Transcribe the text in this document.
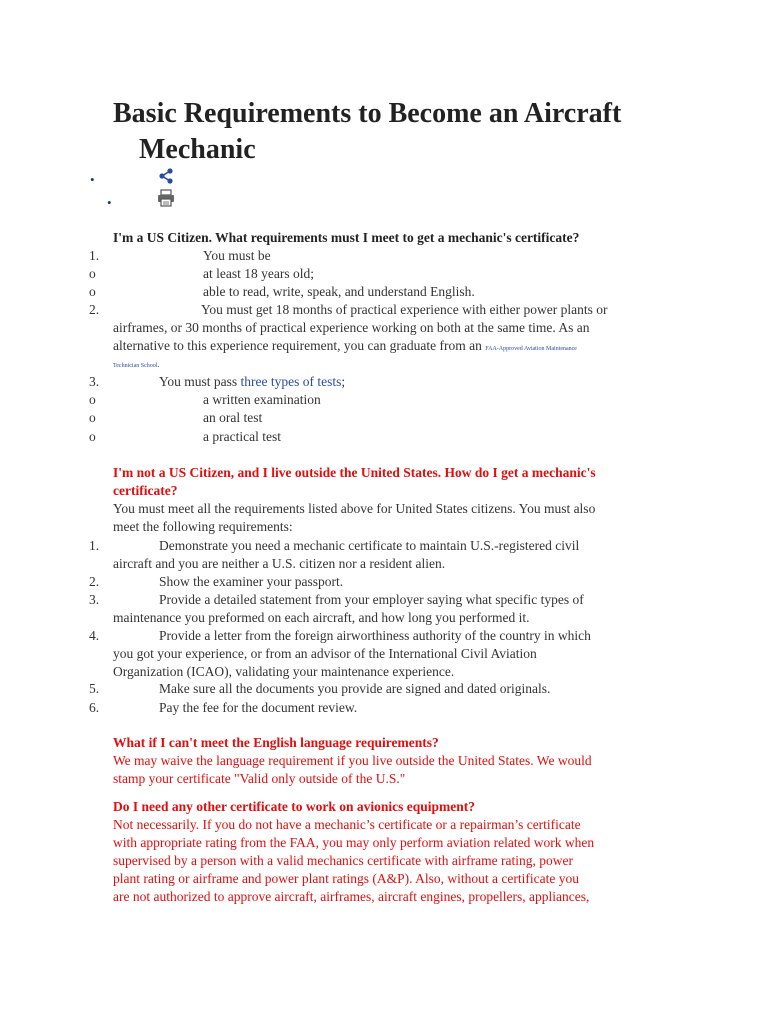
Basic Requirements to Become an Aircraft
Mechanic
•
•
I'm a US Citizen. What requirements must I meet to get a mechanic's certificate?
1.	You must be
o	at least 18 years old;
o	able to read, write, speak, and understand English.
2.	You must get 18 months of practical experience with either power plants or
airframes, or 30 months of practical experience working on both at the same time. As an
alternative to this experience requirement, you can graduate from an FAA-Approved Aviation Maintenance
Technician School.
3.	You must pass three types of tests;
o	a written examination
o	an oral test
o	a practical test
I'm not a US Citizen, and I live outside the United States. How do I get a mechanic's
certificate?
You must meet all the requirements listed above for United States citizens. You must also
meet the following requirements:
1.	Demonstrate you need a mechanic certificate to maintain U.S.-registered civil
aircraft and you are neither a U.S. citizen nor a resident alien.
2.	Show the examiner your passport.
3.	Provide a detailed statement from your employer saying what specific types of
maintenance you preformed on each aircraft, and how long you performed it.
4.	Provide a letter from the foreign airworthiness authority of the country in which
you got your experience, or from an advisor of the International Civil Aviation
Organization (ICAO), validating your maintenance experience.
5.	Make sure all the documents you provide are signed and dated originals.
6.	Pay the fee for the document review.
What if I can't meet the English language requirements?
We may waive the language requirement if you live outside the United States. We would
stamp your certificate "Valid only outside of the U.S."
Do I need any other certificate to work on avionics equipment?
Not necessarily. If you do not have a mechanic’s certificate or a repairman’s certificate
with appropriate rating from the FAA, you may only perform aviation related work when
supervised by a person with a valid mechanics certificate with airframe rating, power
plant rating or airframe and power plant ratings (A&P). Also, without a certificate you
are not authorized to approve aircraft, airframes, aircraft engines, propellers, appliances,
